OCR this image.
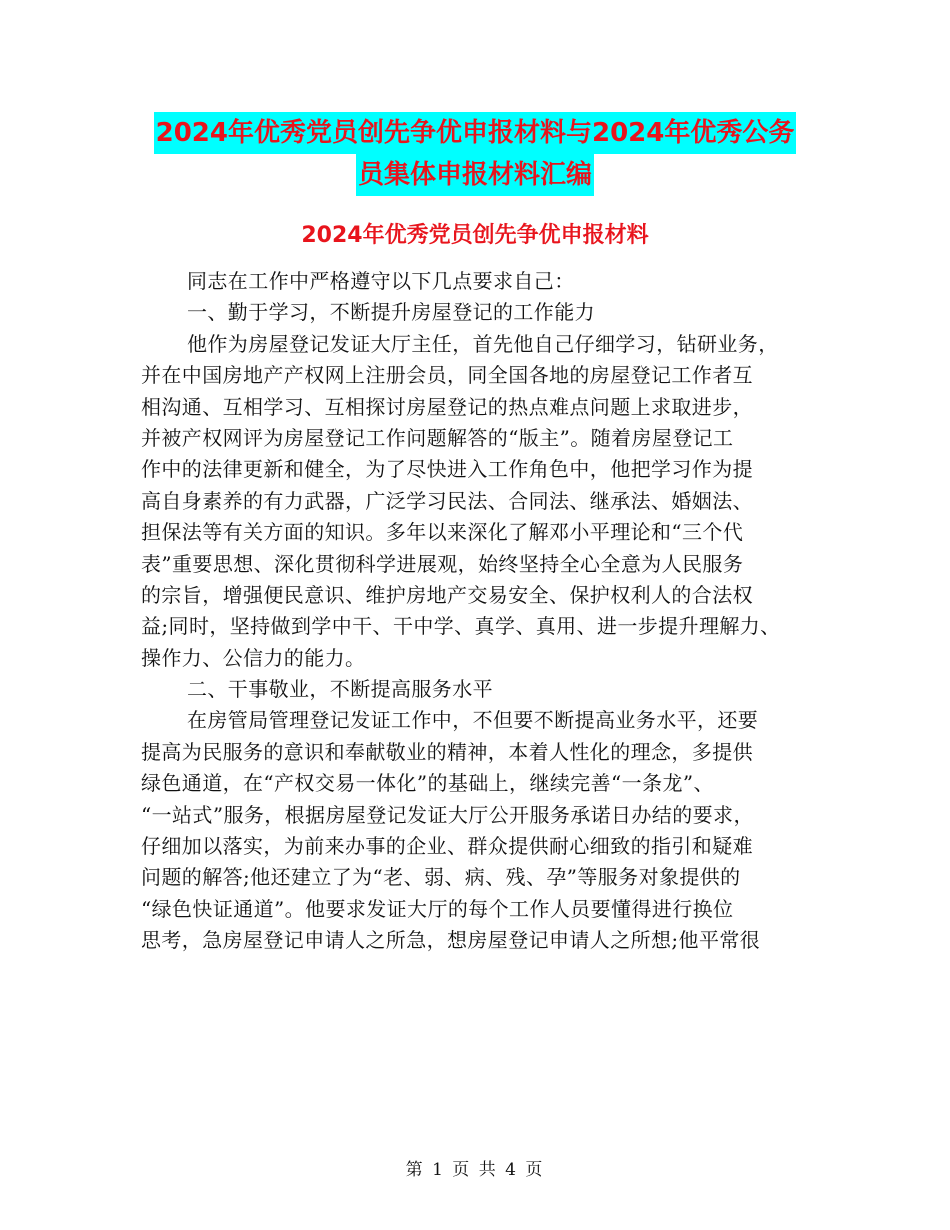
2024年优秀党员创先争优申报材料与2024年优秀公务
员集体申报材料汇编
2024年优秀党员创先争优申报材料
同志在工作中严格遵守以下几点要求自己：
一、勤于学习，不断提升房屋登记的工作能力
他作为房屋登记发证大厅主任，首先他自己仔细学习，钻研业务，
并在中国房地产产权网上注册会员，同全国各地的房屋登记工作者互
相沟通、互相学习、互相探讨房屋登记的热点难点问题上求取进步，
并被产权网评为房屋登记工作问题解答的“版主”。随着房屋登记工
作中的法律更新和健全，为了尽快进入工作角色中，他把学习作为提
高自身素养的有力武器，广泛学习民法、合同法、继承法、婚姻法、
担保法等有关方面的知识。多年以来深化了解邓小平理论和“三个代
表”重要思想、深化贯彻科学进展观，始终坚持全心全意为人民服务
的宗旨，增强便民意识、维护房地产交易安全、保护权利人的合法权
益;同时，坚持做到学中干、干中学、真学、真用、进一步提升理解力、
操作力、公信力的能力。
二、干事敬业，不断提高服务水平
在房管局管理登记发证工作中，不但要不断提高业务水平，还要
提高为民服务的意识和奉献敬业的精神，本着人性化的理念，多提供
绿色通道，在“产权交易一体化”的基础上，继续完善“一条龙”、
“一站式”服务，根据房屋登记发证大厅公开服务承诺日办结的要求，
仔细加以落实，为前来办事的企业、群众提供耐心细致的指引和疑难
问题的解答;他还建立了为“老、弱、病、残、孕”等服务对象提供的
“绿色快证通道”。他要求发证大厅的每个工作人员要懂得进行换位
思考，急房屋登记申请人之所急，想房屋登记申请人之所想;他平常很
第 1 页 共 4 页
